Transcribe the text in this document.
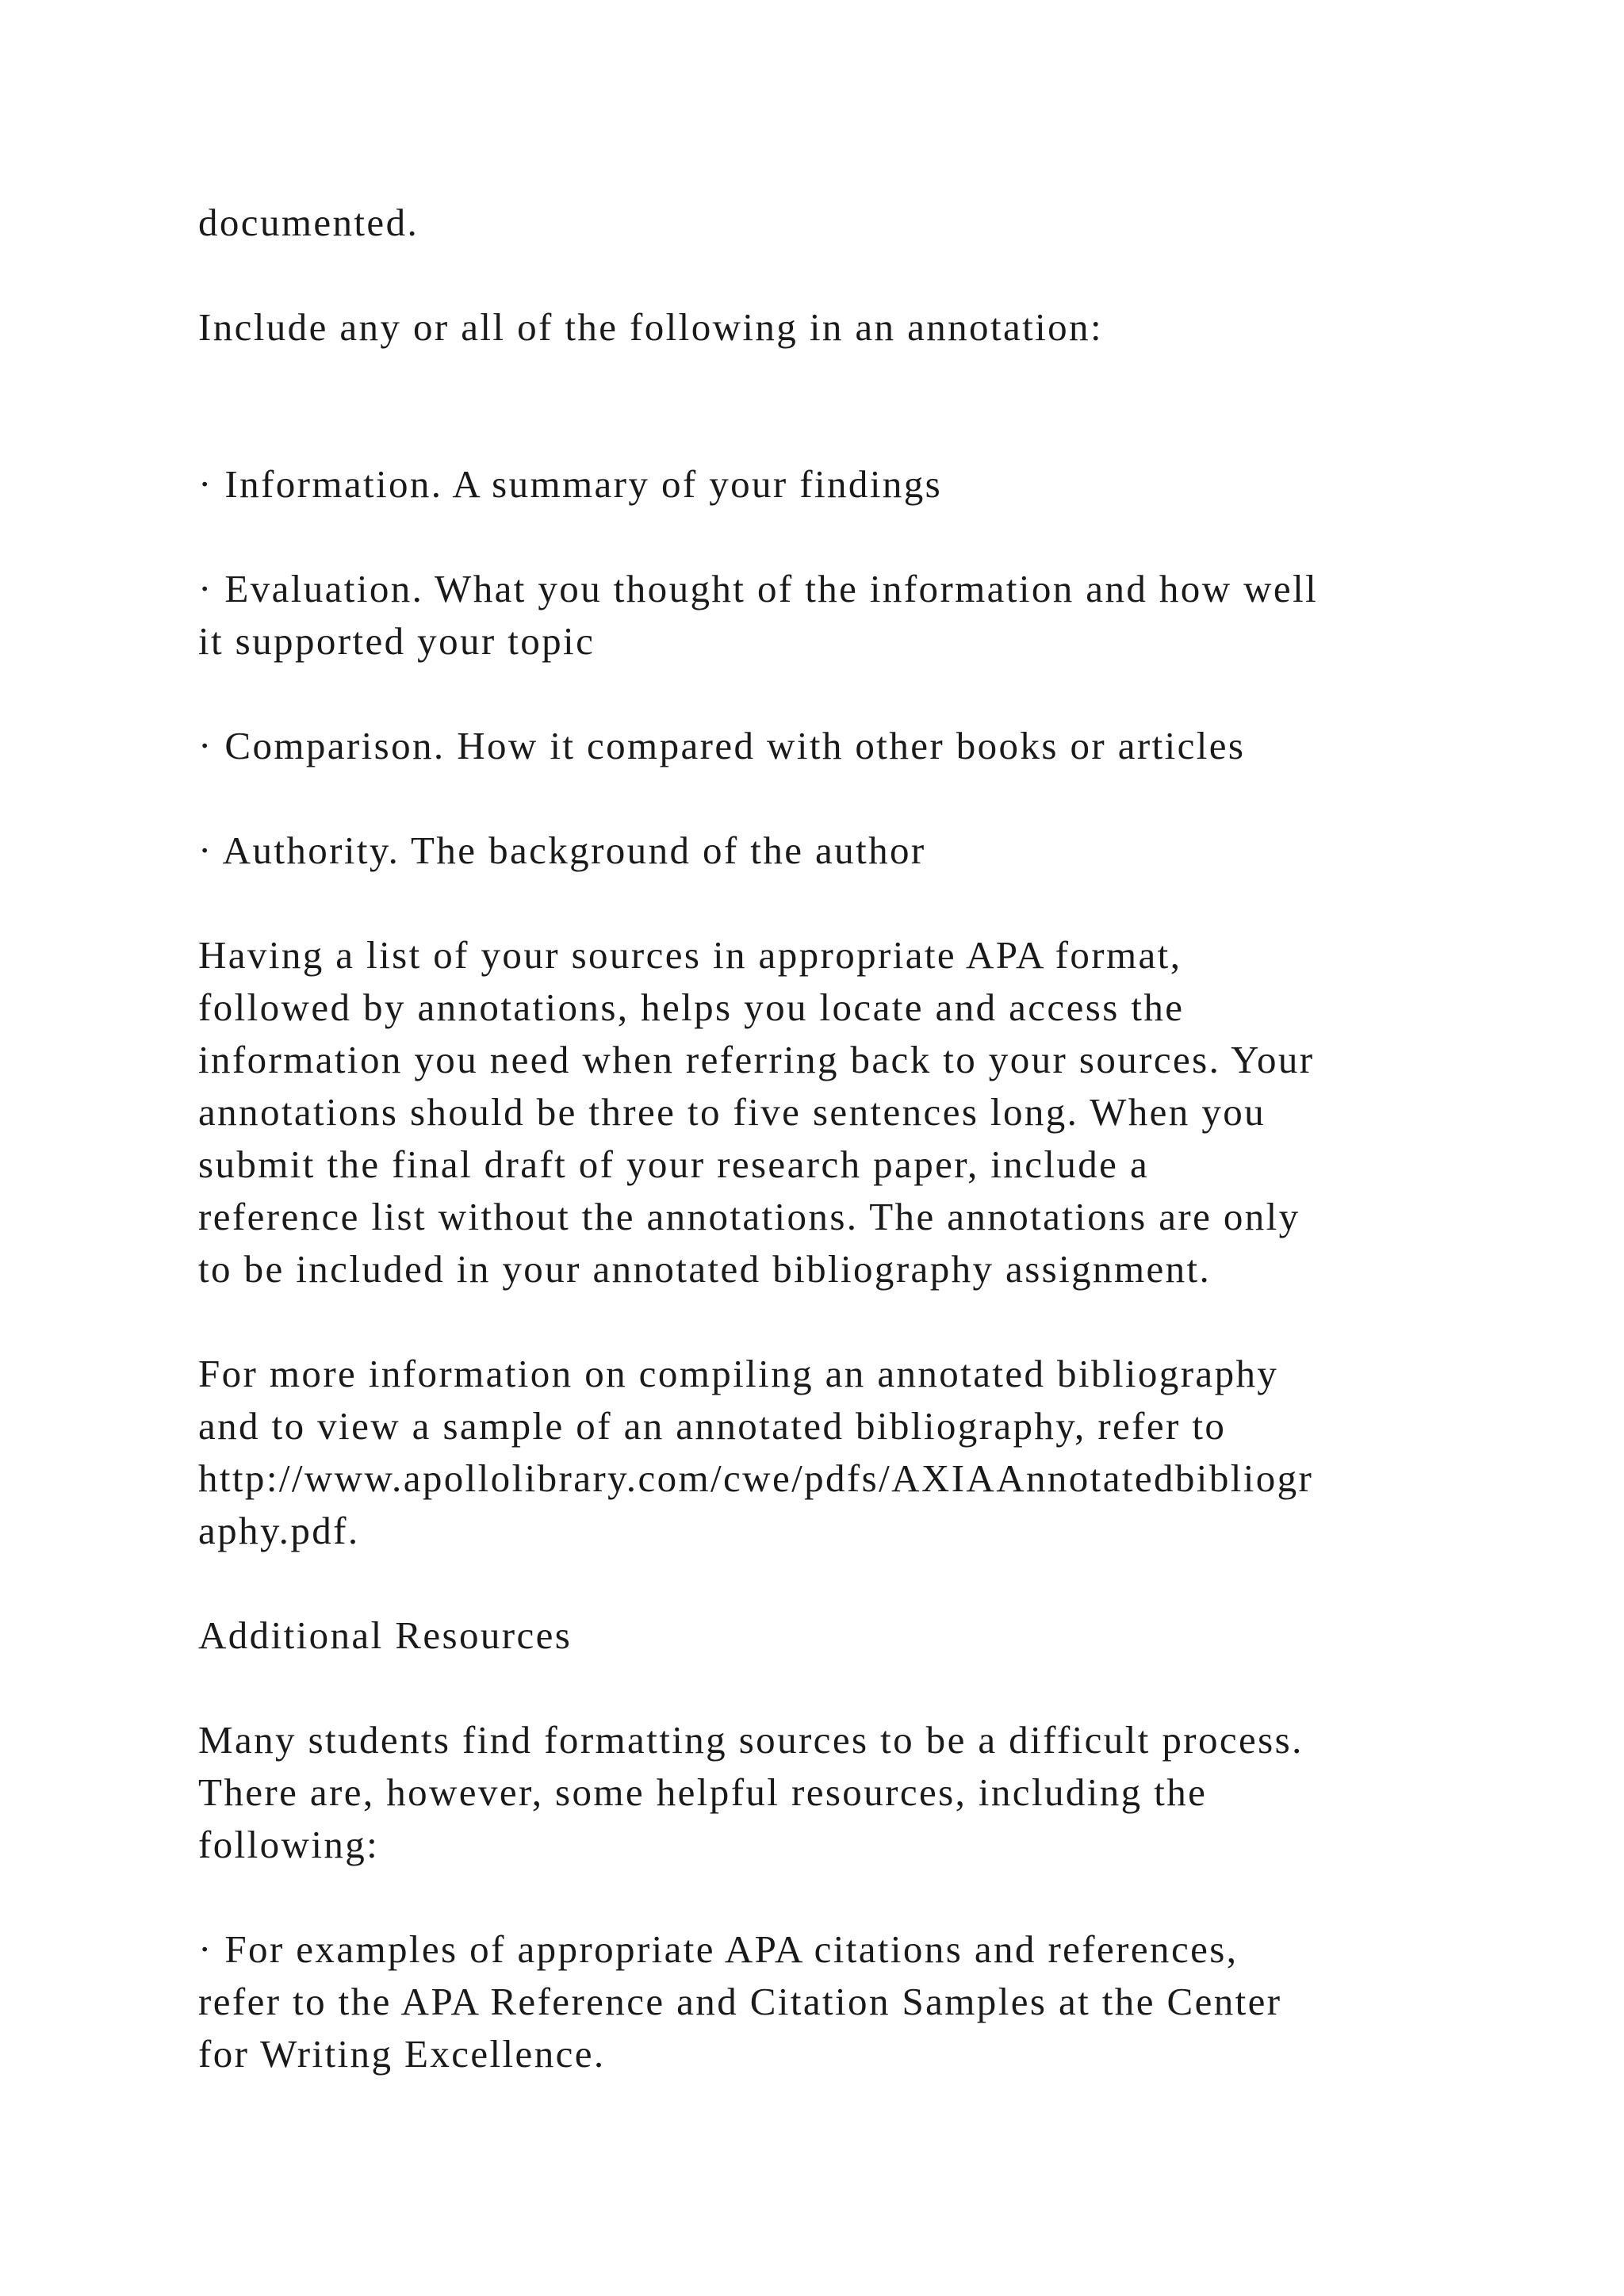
documented.

Include any or all of the following in an annotation:

· Information. A summary of your findings

· Evaluation. What you thought of the information and how well
it supported your topic

· Comparison. How it compared with other books or articles

· Authority. The background of the author

Having a list of your sources in appropriate APA format,
followed by annotations, helps you locate and access the
information you need when referring back to your sources. Your
annotations should be three to five sentences long. When you
submit the final draft of your research paper, include a
reference list without the annotations. The annotations are only
to be included in your annotated bibliography assignment.

For more information on compiling an annotated bibliography
and to view a sample of an annotated bibliography, refer to
http://www.apollolibrary.com/cwe/pdfs/AXIAAnnotatedbibliogr
aphy.pdf.

Additional Resources

Many students find formatting sources to be a difficult process.
There are, however, some helpful resources, including the
following:

· For examples of appropriate APA citations and references,
refer to the APA Reference and Citation Samples at the Center
for Writing Excellence.
